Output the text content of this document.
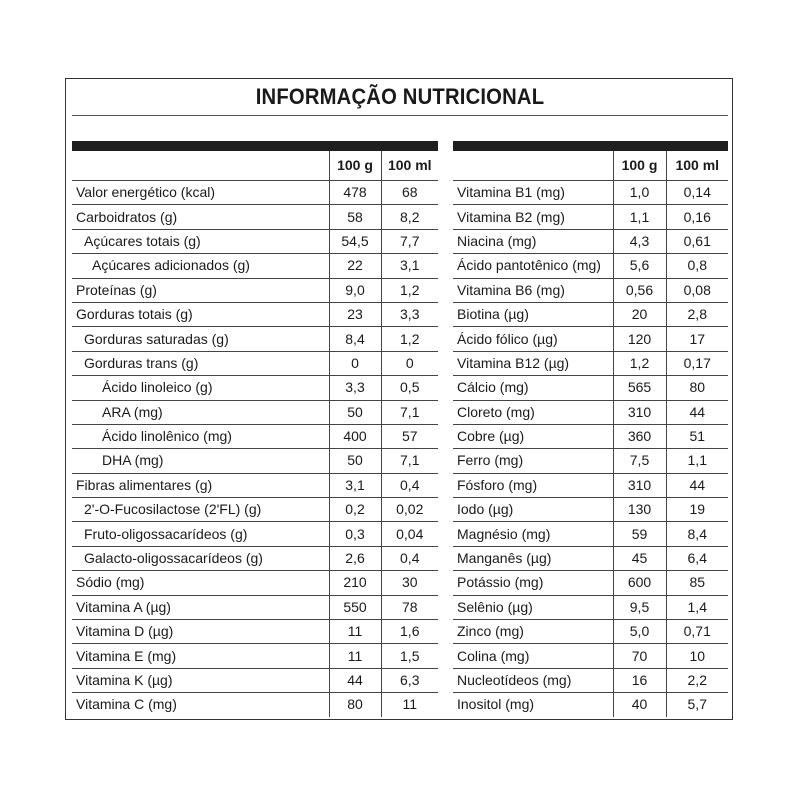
INFORMAÇÃO NUTRICIONAL

	100 g	100 ml
Valor energético (kcal)	478	68
Carboidratos (g)	58	8,2
Açúcares totais (g)	54,5	7,7
Açúcares adicionados (g)	22	3,1
Proteínas (g)	9,0	1,2
Gorduras totais (g)	23	3,3
Gorduras saturadas (g)	8,4	1,2
Gorduras trans (g)	0	0
Ácido linoleico (g)	3,3	0,5
ARA (mg)	50	7,1
Ácido linolênico (mg)	400	57
DHA (mg)	50	7,1
Fibras alimentares (g)	3,1	0,4
2'-O-Fucosilactose (2'FL) (g)	0,2	0,02
Fruto-oligossacarídeos (g)	0,3	0,04
Galacto-oligossacarídeos (g)	2,6	0,4
Sódio (mg)	210	30
Vitamina A (µg)	550	78
Vitamina D (µg)	11	1,6
Vitamina E (mg)	11	1,5
Vitamina K (µg)	44	6,3
Vitamina C (mg)	80	11

	100 g	100 ml
Vitamina B1 (mg)	1,0	0,14
Vitamina B2 (mg)	1,1	0,16
Niacina (mg)	4,3	0,61
Ácido pantotênico (mg)	5,6	0,8
Vitamina B6 (mg)	0,56	0,08
Biotina (µg)	20	2,8
Ácido fólico (µg)	120	17
Vitamina B12 (µg)	1,2	0,17
Cálcio (mg)	565	80
Cloreto (mg)	310	44
Cobre (µg)	360	51
Ferro (mg)	7,5	1,1
Fósforo (mg)	310	44
Iodo (µg)	130	19
Magnésio (mg)	59	8,4
Manganês (µg)	45	6,4
Potássio (mg)	600	85
Selênio (µg)	9,5	1,4
Zinco (mg)	5,0	0,71
Colina (mg)	70	10
Nucleotídeos (mg)	16	2,2
Inositol (mg)	40	5,7
